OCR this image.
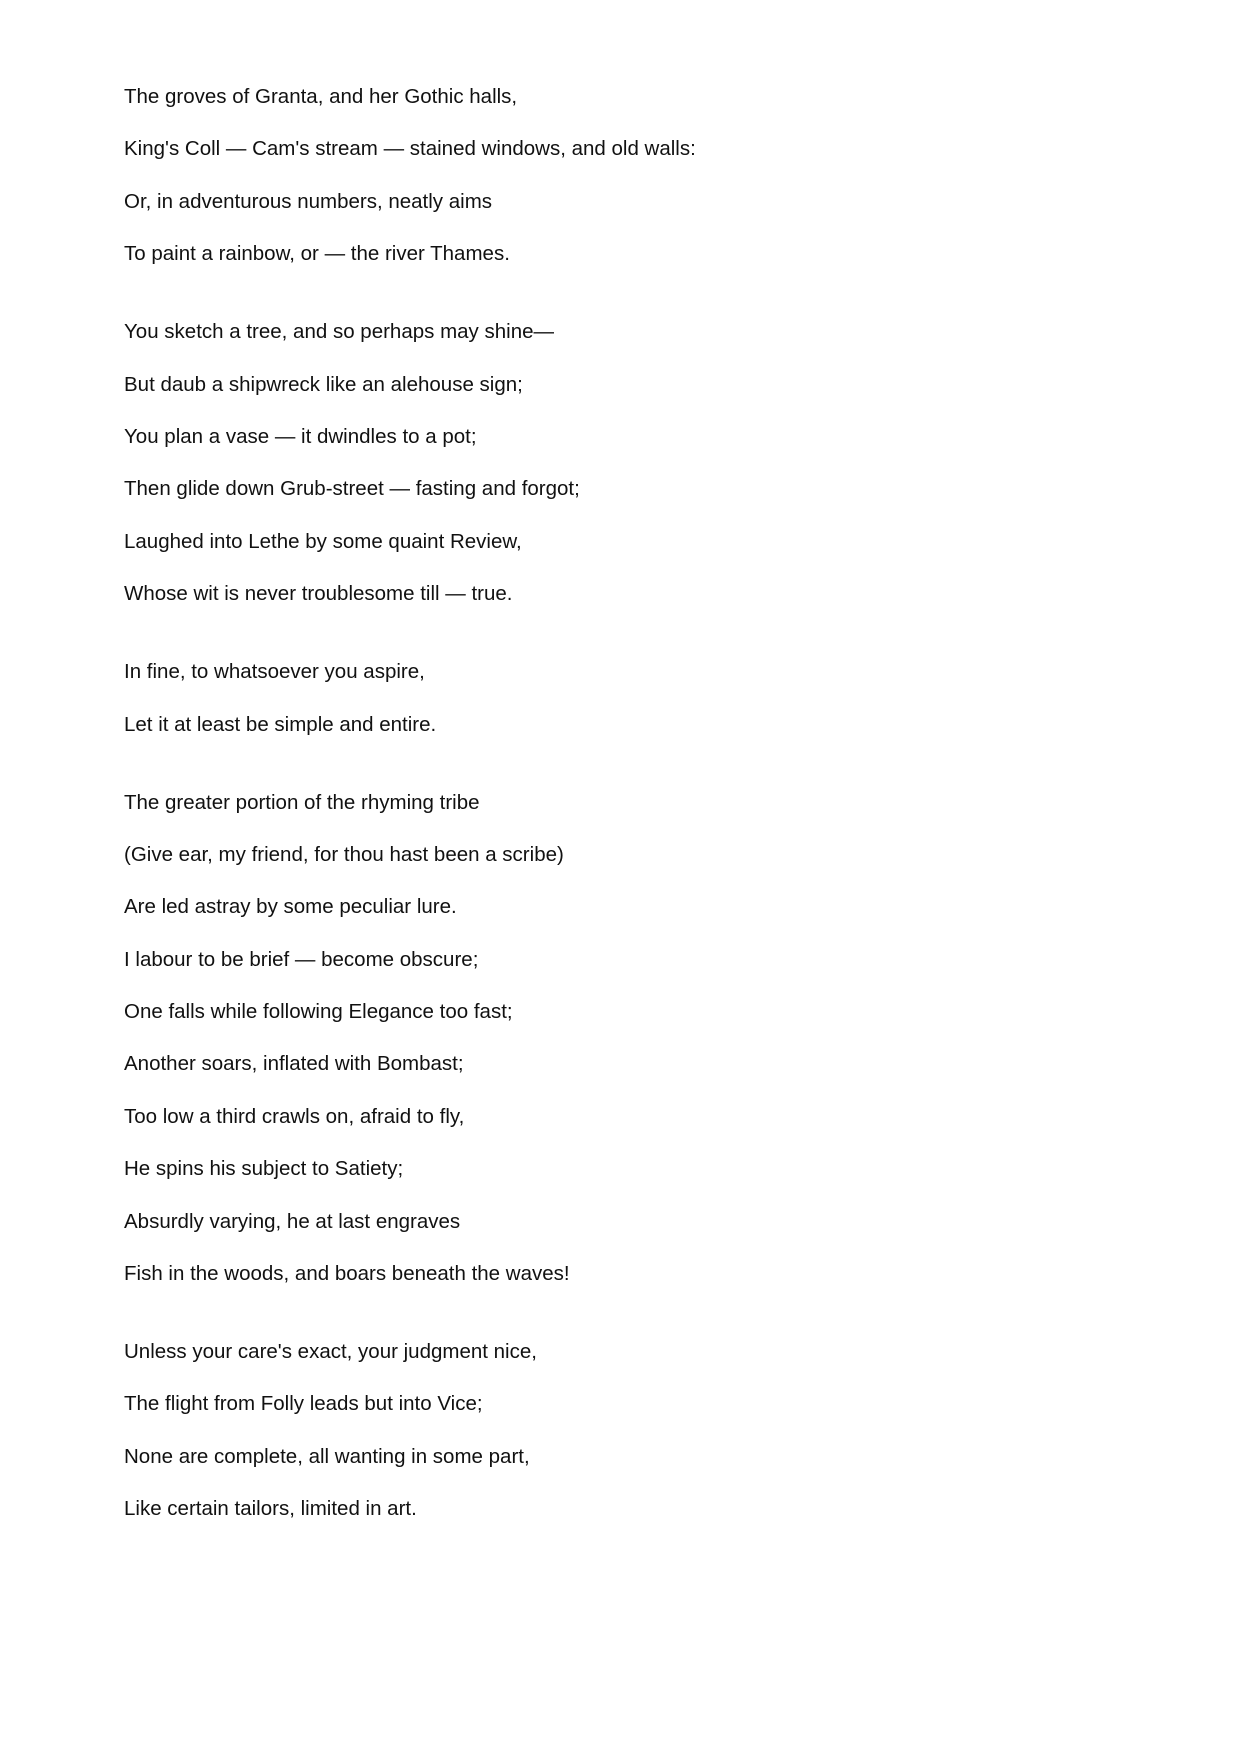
The groves of Granta, and her Gothic halls,

King's Coll — Cam's stream — stained windows, and old walls:

Or, in adventurous numbers, neatly aims

To paint a rainbow, or — the river Thames.

You sketch a tree, and so perhaps may shine—

But daub a shipwreck like an alehouse sign;

You plan a vase — it dwindles to a pot;

Then glide down Grub-street — fasting and forgot;

Laughed into Lethe by some quaint Review,

Whose wit is never troublesome till — true.

In fine, to whatsoever you aspire,

Let it at least be simple and entire.

The greater portion of the rhyming tribe

(Give ear, my friend, for thou hast been a scribe)

Are led astray by some peculiar lure.

I labour to be brief — become obscure;

One falls while following Elegance too fast;

Another soars, inflated with Bombast;

Too low a third crawls on, afraid to fly,

He spins his subject to Satiety;

Absurdly varying, he at last engraves

Fish in the woods, and boars beneath the waves!

Unless your care's exact, your judgment nice,

The flight from Folly leads but into Vice;

None are complete, all wanting in some part,

Like certain tailors, limited in art.
